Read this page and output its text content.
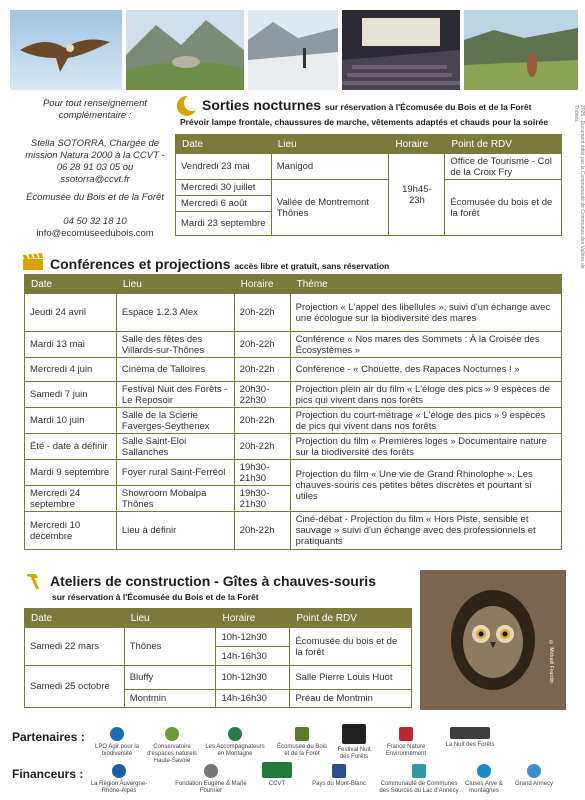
2025 - Document édité par la Communauté de Communes des Vallées de Thônes
Pour tout renseignement complémentaire :
Stella SOTORRA, Chargée de mission Natura 2000 à la CCVT - 06 28 91 03 05 ou ssotorra@ccvt.fr
Écomusée du Bois et de la Forêt
04 50 32 18 10
info@ecomuseedubois.com
Sorties nocturnes sur réservation à l'Écomusée du Bois et de la Forêt
Prévoir lampe frontale, chaussures de marche, vêtements adaptés et chauds pour la soirée
Date	Lieu	Horaire	Point de RDV
Vendredi 23 mai	Manigod	19h45-23h	Office de Tourisme - Col de la Croix Fry
Mercredi 30 juillet	Vallée de Montremont Thônes		Écomusée du bois et de la forêt
Mercredi 6 août			
Mardi 23 septembre			
Conférences et projections accès libre et gratuit, sans réservation
Date	Lieu	Horaire	Thème
Jeudi 24 avril	Espace 1.2.3 Alex	20h-22h	Projection « L'appel des libellules », suivi d'un échange avec une écologue sur la biodiversité des mares
Mardi 13 mai	Salle des fêtes des Villards-sur-Thônes	20h-22h	Conférence « Nos mares des Sommets : À la Croisée des Écosystèmes »
Mercredi 4 juin	Cinéma de Talloires	20h-22h	Conférence - « Chouette, des Rapaces Nocturnes ! »
Samedi 7 juin	Festival Nuit des Forêts - Le Reposoir	20h30-22h30	Projection plein air du film « L'éloge des pics » 9 espèces de pics qui vivent dans nos forêts
Mardi 10 juin	Salle de la Scierie Faverges-Seythenex	20h-22h	Projection du court-métrage « L'éloge des pics » 9 espèces de pics qui vivent dans nos forêts
Été - date à définir	Salle Saint-Eloi Sallanches	20h-22h	Projection du film « Premières loges » Documentaire nature sur la biodiversité des forêts
Mardi 9 septembre	Foyer rural Saint-Ferréol	19h30-21h30	Projection du film « Une vie de Grand Rhinolophe ». Les chauves-souris ces petites bêtes discrètes et pourtant si utiles
Mercredi 24 septembre	Showroom Mobalpa Thônes	19h30-21h30	
Mercredi 10 décembre	Lieu à définir	20h-22h	Ciné-débat - Projection du film « Hors Piste, sensible et sauvage » suivi d'un échange avec des professionnels et pratiquants
Ateliers de construction - Gîtes à chauves-souris
sur réservation à l'Écomusée du Bois et de la Forêt
Date	Lieu	Horaire	Point de RDV
Samedi 22 mars	Thônes	10h-12h30	Écomusée du bois et de la forêt
		14h-16h30	
Samedi 25 octobre	Bluffy	10h-12h30	Salle Pierre Louis Huot
	Montmin	14h-16h30	Préau de Montmin
© Mickaël Fourdin
Partenaires :

LPO Agir pour la biodiversité

Conservatoire d'espaces naturels Haute-Savoie

Les Accompagnateurs en Montagne

Écomusée du Bois et de la Forêt

Festival Nuit des Forêts

France Nature Environnement

La Nuit des Forêts
Financeurs :

La Région Auvergne-Rhône-Alpes

Fondation Eugène & Marie Fournier

CCVT	Pays du Mont-Blanc	Communauté de Communes des Sources du Lac d'Annecy

Cluses Arve & montagnes

Grand Annecy
